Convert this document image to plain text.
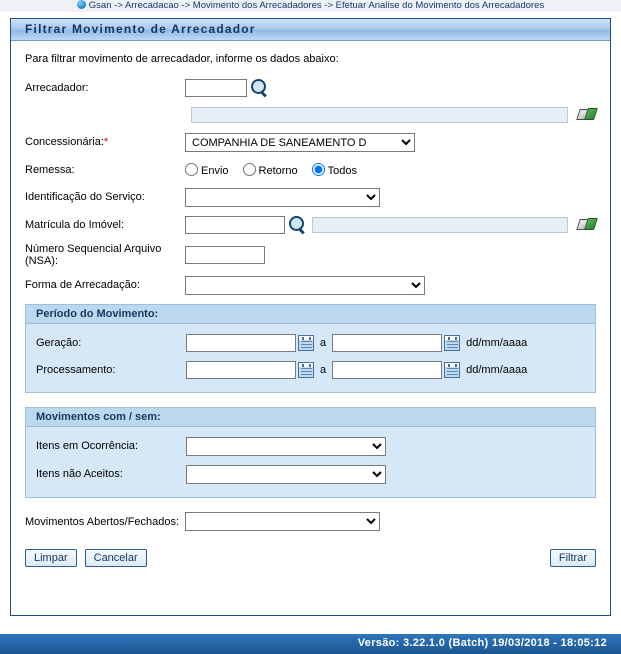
Gsan -> Arrecadacao -> Movimento dos Arrecadadores -> Efetuar Analise do Movimento dos Arrecadadores
Filtrar Movimento de Arrecadador
Para filtrar movimento de arrecadador, informe os dados abaixo:
Arrecadador:
Concessionária:*
COMPANHIA DE SANEAMENTO D
Remessa:	Envio	Retorno	Todos
Identificação do Serviço:
Matrícula do Imóvel:
Número Sequencial Arquivo (NSA):
Forma de Arrecadação:
Período do Movimento:
Geração:	a	dd/mm/aaaa
Processamento:	a	dd/mm/aaaa
Movimentos com / sem:
Itens em Ocorrência:
Itens não Aceitos:
Movimentos Abertos/Fechados:
Limpar	Cancelar	Filtrar
Versão: 3.22.1.0 (Batch) 19/03/2018 - 18:05:12
